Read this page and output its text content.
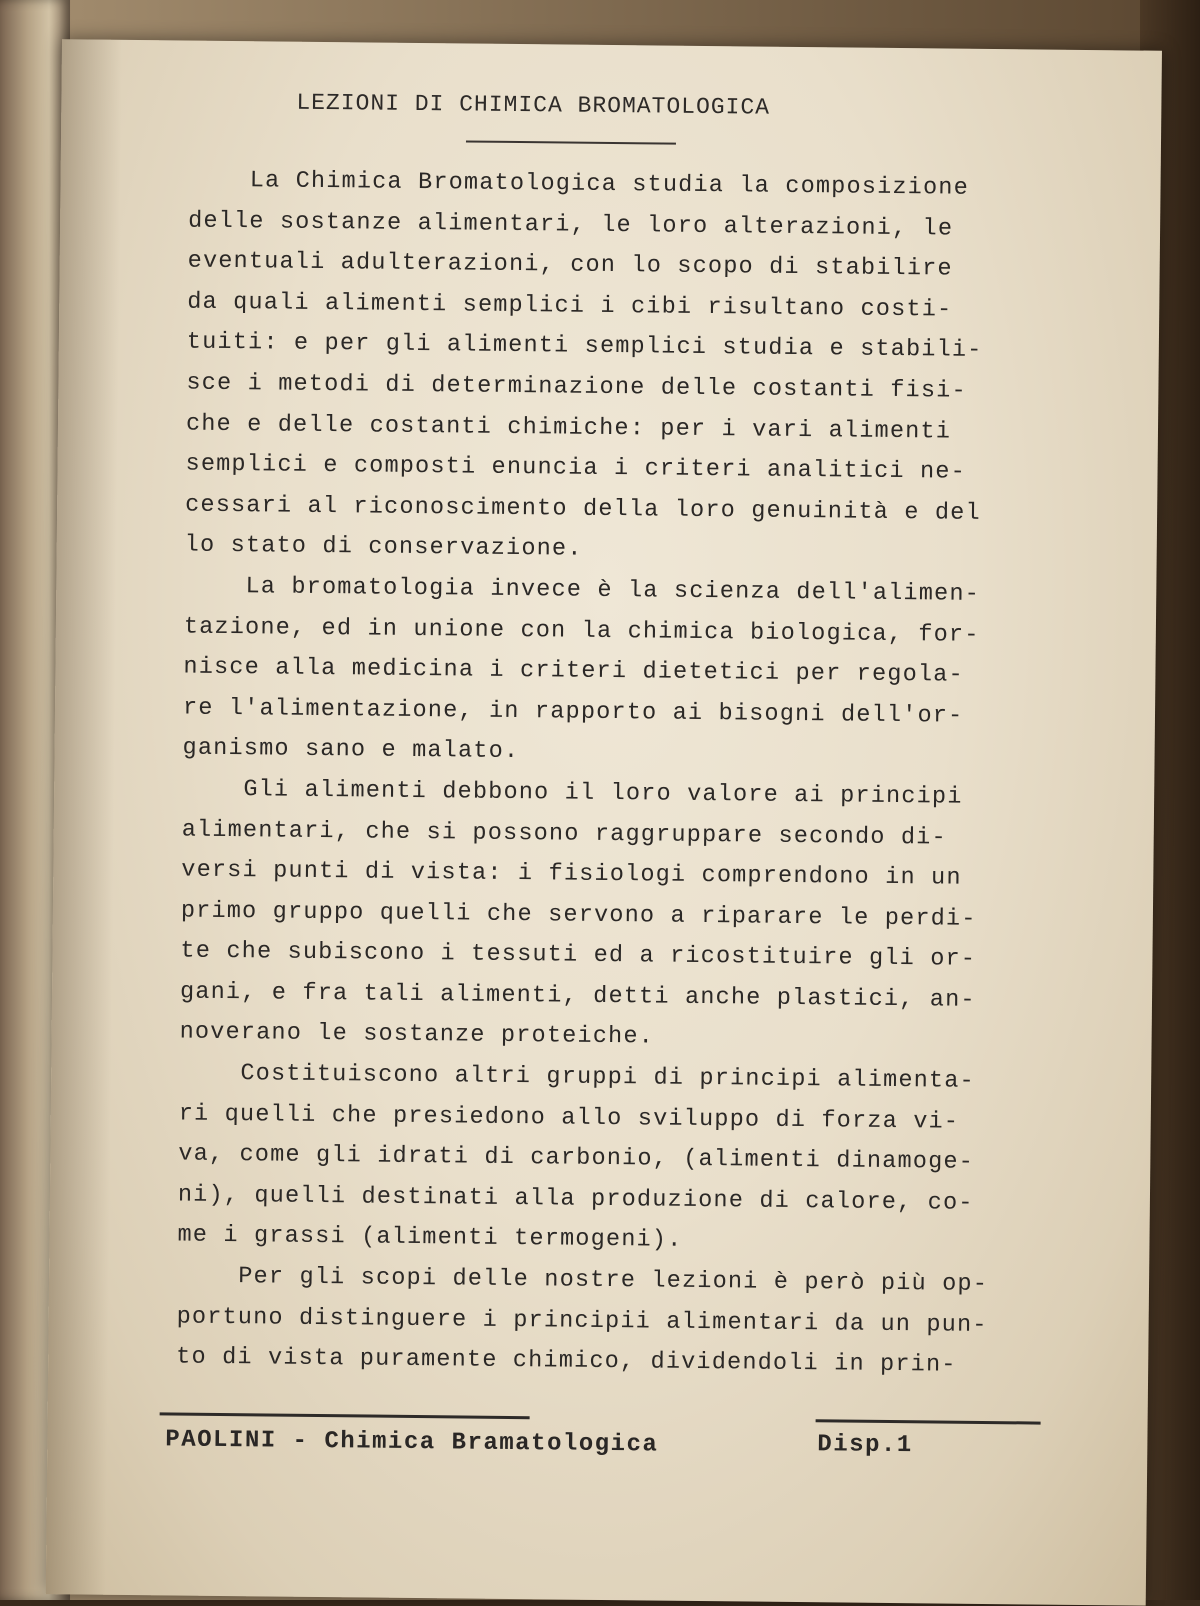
LEZIONI DI CHIMICA BROMATOLOGICA
La Chimica Bromatologica studia la composizione
delle sostanze alimentari, le loro alterazioni, le
eventuali adulterazioni, con lo scopo di stabilire
da quali alimenti semplici i cibi risultano costi-
tuiti: e per gli alimenti semplici studia e stabili-
sce i metodi di determinazione delle costanti fisi-
che e delle costanti chimiche: per i vari alimenti
semplici e composti enuncia i criteri analitici ne-
cessari al riconoscimento della loro genuinità e del
lo stato di conservazione.
La bromatologia invece è la scienza dell'alimen-
tazione, ed in unione con la chimica biologica, for-
nisce alla medicina i criteri dietetici per regola-
re l'alimentazione, in rapporto ai bisogni dell'or-
ganismo sano e malato.
Gli alimenti debbono il loro valore ai principi
alimentari, che si possono raggruppare secondo di-
versi punti di vista: i fisiologi comprendono in un
primo gruppo quelli che servono a riparare le perdi-
te che subiscono i tessuti ed a ricostituire gli or-
gani, e fra tali alimenti, detti anche plastici, an-
noverano le sostanze proteiche.
Costituiscono altri gruppi di principi alimenta-
ri quelli che presiedono allo sviluppo di forza vi-
va, come gli idrati di carbonio, (alimenti dinamoge-
ni), quelli destinati alla produzione di calore, co-
me i grassi (alimenti termogeni).
Per gli scopi delle nostre lezioni è però più op-
portuno distinguere i principii alimentari da un pun-
to di vista puramente chimico, dividendoli in prin-
PAOLINI - Chimica Bramatologica	Disp.1
